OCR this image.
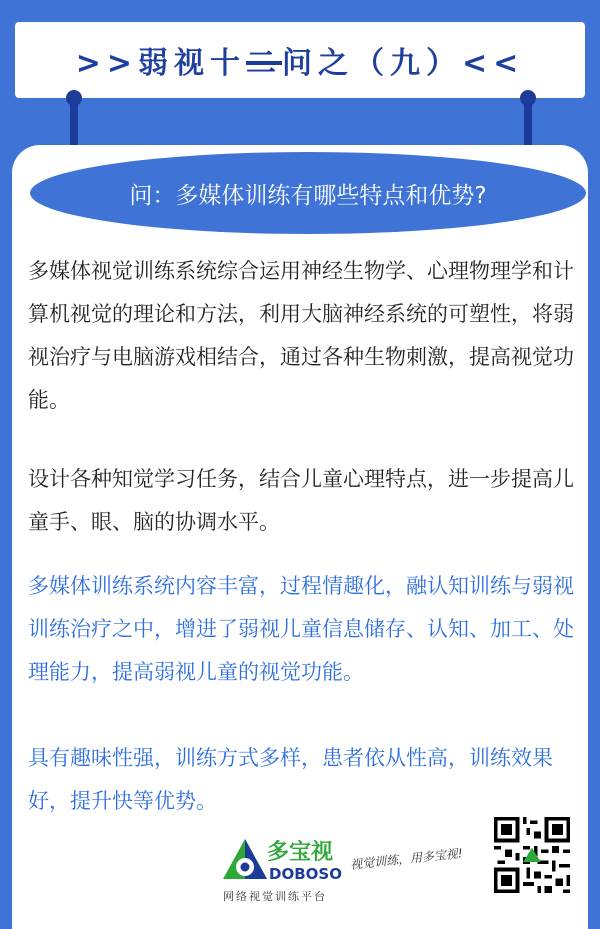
>>弱视十二问之（九）<<
问：多媒体训练有哪些特点和优势?
多媒体视觉训练系统综合运用神经生物学、心理物理学和计算机视觉的理论和方法，利用大脑神经系统的可塑性，将弱视治疗与电脑游戏相结合，通过各种生物刺激，提高视觉功能。
设计各种知觉学习任务，结合儿童心理特点，进一步提高儿童手、眼、脑的协调水平。
多媒体训练系统内容丰富，过程情趣化，融认知训练与弱视训练治疗之中，增进了弱视儿童信息储存、认知、加工、处理能力，提高弱视儿童的视觉功能。
具有趣味性强，训练方式多样，患者依从性高，训练效果好，提升快等优势。
多宝视
DOBOSO
网络视觉训练平台
视觉训练，用多宝视!
